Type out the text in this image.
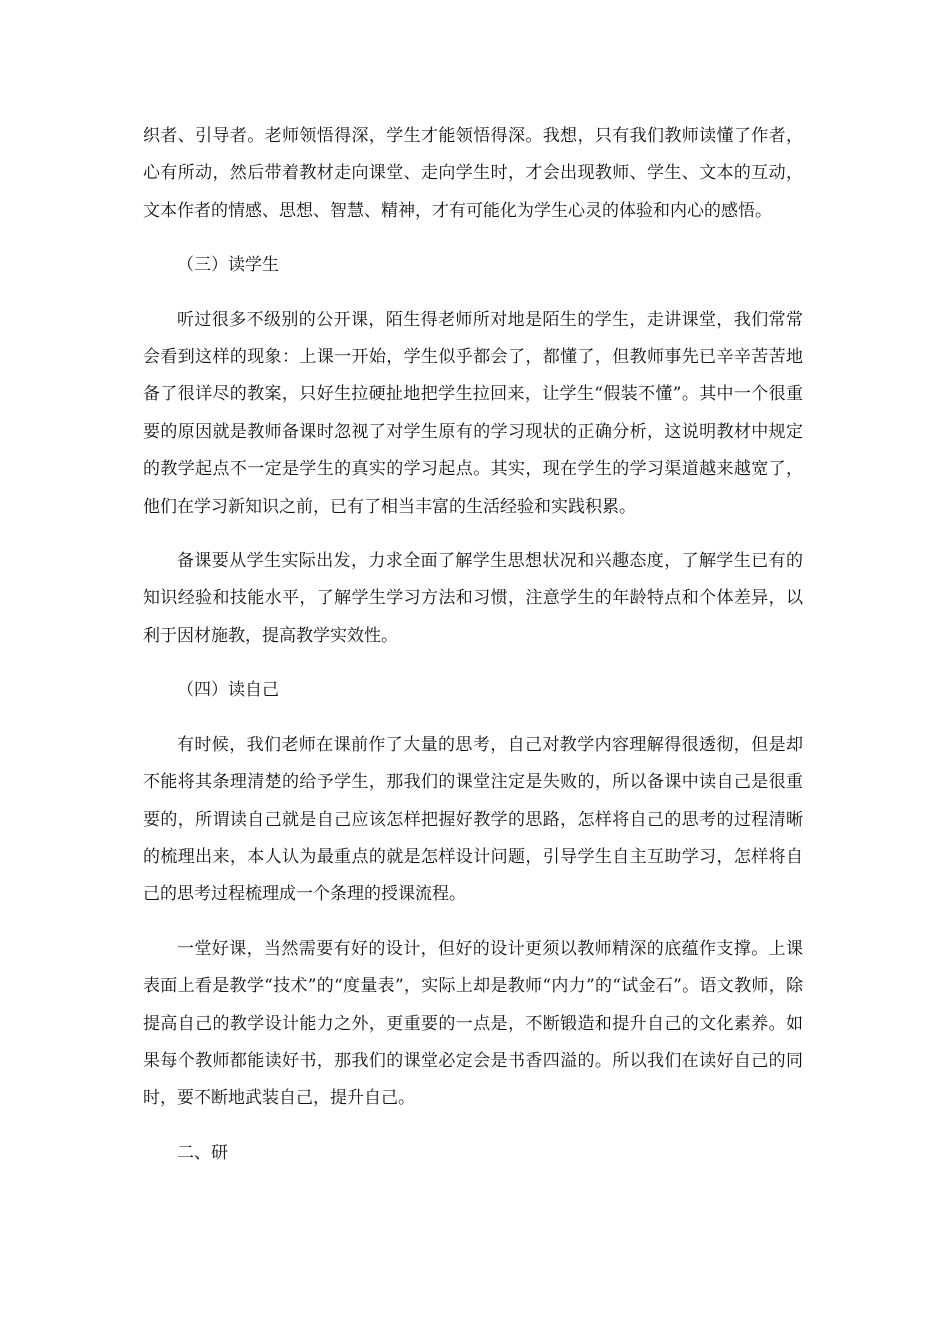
织者、引导者。老师领悟得深，学生才能领悟得深。我想，只有我们教师读懂了作者，心有所动，然后带着教材走向课堂、走向学生时，才会出现教师、学生、文本的互动，文本作者的情感、思想、智慧、精神，才有可能化为学生心灵的体验和内心的感悟。

（三）读学生

听过很多不级别的公开课，陌生得老师所对地是陌生的学生，走讲课堂，我们常常会看到这样的现象：上课一开始，学生似乎都会了，都懂了，但教师事先已辛辛苦苦地备了很详尽的教案，只好生拉硬扯地把学生拉回来，让学生“假装不懂”。其中一个很重要的原因就是教师备课时忽视了对学生原有的学习现状的正确分析，这说明教材中规定的教学起点不一定是学生的真实的学习起点。其实，现在学生的学习渠道越来越宽了，他们在学习新知识之前，已有了相当丰富的生活经验和实践积累。

备课要从学生实际出发，力求全面了解学生思想状况和兴趣态度，了解学生已有的知识经验和技能水平，了解学生学习方法和习惯，注意学生的年龄特点和个体差异，以利于因材施教，提高教学实效性。

（四）读自己

有时候，我们老师在课前作了大量的思考，自己对教学内容理解得很透彻，但是却不能将其条理清楚的给予学生，那我们的课堂注定是失败的，所以备课中读自己是很重要的，所谓读自己就是自己应该怎样把握好教学的思路，怎样将自己的思考的过程清晰的梳理出来，本人认为最重点的就是怎样设计问题，引导学生自主互助学习，怎样将自己的思考过程梳理成一个条理的授课流程。

一堂好课，当然需要有好的设计，但好的设计更须以教师精深的底蕴作支撑。上课表面上看是教学“技术”的“度量表”，实际上却是教师“内力”的“试金石”。语文教师，除提高自己的教学设计能力之外，更重要的一点是，不断锻造和提升自己的文化素养。如果每个教师都能读好书，那我们的课堂必定会是书香四溢的。所以我们在读好自己的同时，要不断地武装自己，提升自己。

二、研
